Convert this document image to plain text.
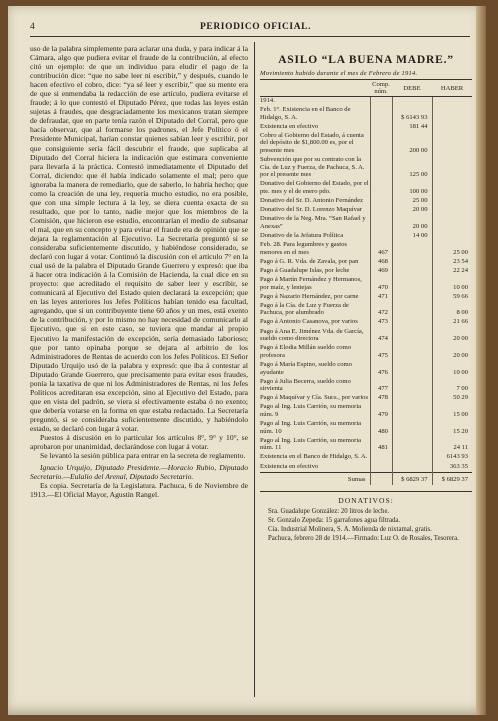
4	PERIODICO OFICIAL.

uso de la palabra simplemente para aclarar una duda, y para indicar á la Cámara, algo que pudiera evitar el fraude de la contribución, al efecto citó un ejemplo: de que un individuo para eludir el pago de la contribución dice: “que no sabe leer ni escribir,” y después, cuando le hacen efectivo el cobro, dice: “ya sé leer y escribir,” que su mente era de que si enmendaba la redacción de ese artículo, pudiera evitarse el fraude; á lo que contestó el Diputado Pérez, que todas las leyes están sujetas á fraudes, que desgraciadamente los mexicanos tratan siempre de defraudar, que en parte tenía razón el Diputado del Corral, pero que hacía observar, que al formarse los padrones, el Jefe Político ó el Presidente Municipal, harían constar quienes sabían leer y escribir, por que consiguiente sería fácil descubrir el fraude, que suplicaba al Diputado del Corral hiciera la indicación que estimara conveniente para llevarla á la práctica. Contestó inmediatamente el Diputado del Corral, diciendo: que él había indicado solamente el mal; pero que ignoraba la manera de remediarlo, que de saberlo, lo habría hecho; que como la creación de una ley, requería mucho estudio, no era posible, que con una simple lectura á la ley, se diera cuenta exacta de su resultado, que por lo tanto, nadie mejor que los miembros de la Comisión, que hicieron ese estudio, encontrarían el medio de subsanar el mal, que en su concepto y para evitar el fraude era de opinión que se dejara la reglamentación al Ejecutivo. La Secretaría preguntó si se consideraba suficientemente discutido, y habiéndose considerado, se declaró con lugar á votar. Continuó la discusión con el artículo 7° en la cual usó de la palabra el Diputado Grande Guerrero y expresó: que iba á hacer otra indicación á la Comisión de Hacienda, la cual dice en su proyecto: que acreditado el requisito de saber leer y escribir, se comunicará al Ejecutivo del Estado quien declarará la excepción; que en las leyes anteriores los Jefes Políticos habían tenido esa facultad, agregando, que si un contribuyente tiene 60 años y un mes, está exento de la contribución, y por lo mismo no hay necesidad de comunicarlo al Ejecutivo, que si en este caso, se tuviera que mandar al propio Ejecutivo la manifestación de excepción, sería demasiado laborioso; que por tanto opinaba porque se dejara al arbitrio de los Administradores de Rentas de acuerdo con los Jefes Políticos. El Señor Diputado Urquijo usó de la palabra y expresó: que iba á contestar al Diputado Grande Guerrero, que precisamente para evitar esos fraudes, ponía la taxativa de que ni los Administradores de Rentas, ni los Jefes Políticos acreditaran esa excepción, sino al Ejecutivo del Estado, para que en vista del padrón, se viera si efectivamente estaba ó no exento; que debería votarse en la forma en que estaba redactado. La Secretaría preguntó, si se consideraba suficientemente discutido, y habiéndolo estado, se declaró con lugar á votar.

Puestos á discusión en lo particular los artículos 8°, 9° y 10°, se aprobaron por unanimidad, declarándose con lugar á votar.

Se levantó la sesión pública para entrar en la secreta de reglamento.

Ignacio Urquijo, Diputado Presidente.—Horacio Rubio, Diputado Secretario.—Eulalio del Arenal, Diputado Secretario.

Es copia. Secretaría de la Legislatura. Pachuca, 6 de Noviembre de 1913.—El Oficial Mayor, Agustín Rangel.

ASILO “LA BUENA MADRE.”
Movimiento habido durante el mes de Febrero de 1914.
	Comp. núm.	DEBE	HABER
1914.			
Feb. 1°. Existencia en el Banco de Hidalgo, S. A.		$ 6143 93	
Existencia en efectivo		181 44	
Cobro al Gobierno del Estado, á cuenta del depósito de $1,800.00 es, por el presente mes		200 00	
Subvención que por su contrato con la Cía. de Luz y Fuerza, de Pachuca, S. A. por el presente mes		125 00	
Donativo del Gobierno del Estado, por el pte. mes y el de enero pdo.		100 00	
Donativo del Sr. D. Antonio Fernández		25 00	
Donativo del Sr. D. Lorenzo Maquívar		20 00	
Donativo de la Neg. Mra. “San Rafael y Anexas”		20 00	
Donativo de la Jefatura Política		14 00	
Feb. 28. Para legumbres y gastos menores en el mes	467		25 00
Pago á G. R. Vda. de Zavala, por pan	468		23 54
Pago á Guadalupe Islas, por leche	469		22 24
Pago á Martín Fernández y Hermanos, por maíz, y lentejas	470		10 00
Pago á Nazario Hernández, por carne	471		59 66
Pago á la Cía. de Luz y Fuerza de Pachuca, por alumbrado	472		8 00
Pago á Antonio Casanova, por varios	473		21 66
Pago á Ana E. Jiménez Vda. de García, sueldo como directora	474		20 00
Pago á Elodia Millán sueldo como profesora	475		20 00
Pago á María Espino, sueldo como ayudante	476		10 00
Pago á Julia Becerra, sueldo como sirvienta	477		7 00
Pago á Maquívar y Cía. Sucs., por varios	478		50 29
Pago al Ing. Luis Carrión, su memoria núm. 9	479		15 00
Pago al Ing. Luis Carrión, su memoria núm. 10	480		15 20
Pago al Ing. Luis Carrión, su memoria núm. 11	481		24 11
Existencia en el Banco de Hidalgo, S. A.			6143 93
Existencia en efectivo			363 35
Sumas		$ 6829 37	$ 6829 37
DONATIVOS:

Sra. Guadalupe González: 20 litros de leche.

Sr. Gonzalo Zepeda: 15 garrafones agua filtrada.

Cía. Industrial Molinera, S. A. Molienda de nixtamal, gratis.

Pachuca, febrero 28 de 1914.—Firmado: Luz O. de Rosales, Tesorera.
